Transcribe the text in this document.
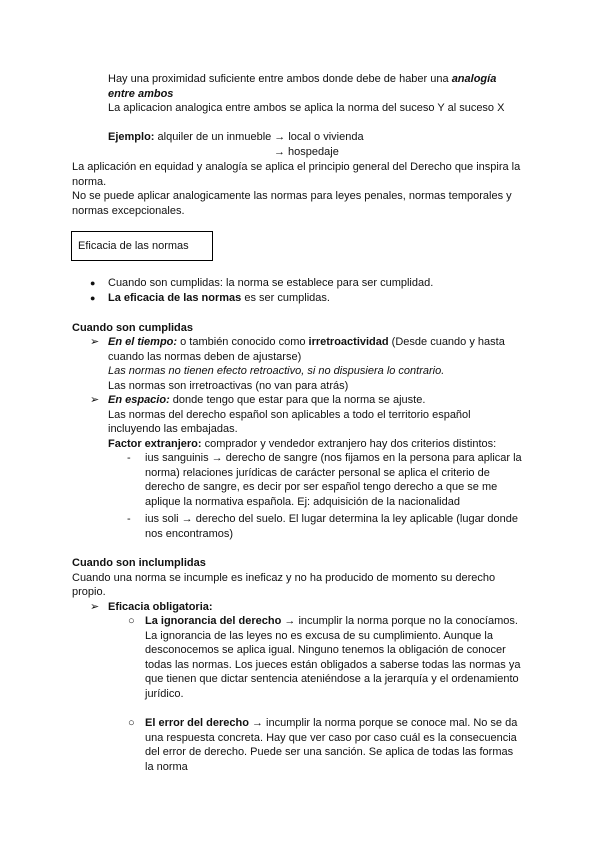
Hay una proximidad suficiente entre ambos donde debe de haber una analogía

entre ambos

La aplicacion analogica entre ambos se aplica la norma del suceso Y al suceso X

Ejemplo: alquiler de un inmueble → local o vivienda

→ hospedaje

La aplicación en equidad y analogía se aplica el principio general del Derecho que inspira la

norma.

No se puede aplicar analogicamente las normas para leyes penales, normas temporales y

normas excepcionales.

Eficacia de las normas
● Cuando son cumplidas: la norma se establece para ser cumplidad.

● La eficacia de las normas es ser cumplidas.

Cuando son cumplidas
➢ En el tiempo: o también conocido como irretroactividad (Desde cuando y hasta

cuando las normas deben de ajustarse)

Las normas no tienen efecto retroactivo, si no dispusiera lo contrario.

Las normas son irretroactivas (no van para atrás)

➢ En espacio: donde tengo que estar para que la norma se ajuste.

Las normas del derecho español son aplicables a todo el territorio español

incluyendo las embajadas.

Factor extranjero: comprador y vendedor extranjero hay dos criterios distintos:

- ius sanguinis → derecho de sangre (nos fijamos en la persona para aplicar la

norma) relaciones jurídicas de carácter personal se aplica el criterio de

derecho de sangre, es decir por ser español tengo derecho a que se me

aplique la normativa española. Ej: adquisición de la nacionalidad

- ius soli → derecho del suelo. El lugar determina la ley aplicable (lugar donde

nos encontramos)

Cuando son inclumplidas

Cuando una norma se incumple es ineficaz y no ha producido de momento su derecho

propio.

➢ Eficacia obligatoria:
○ La ignorancia del derecho → incumplir la norma porque no la conocíamos.

La ignorancia de las leyes no es excusa de su cumplimiento. Aunque la

desconocemos se aplica igual. Ninguno tenemos la obligación de conocer

todas las normas. Los jueces están obligados a saberse todas las normas ya

que tienen que dictar sentencia ateniéndose a la jerarquía y el ordenamiento

jurídico.

○ El error del derecho → incumplir la norma porque se conoce mal. No se da

una respuesta concreta. Hay que ver caso por caso cuál es la consecuencia

del error de derecho. Puede ser una sanción. Se aplica de todas las formas

la norma
